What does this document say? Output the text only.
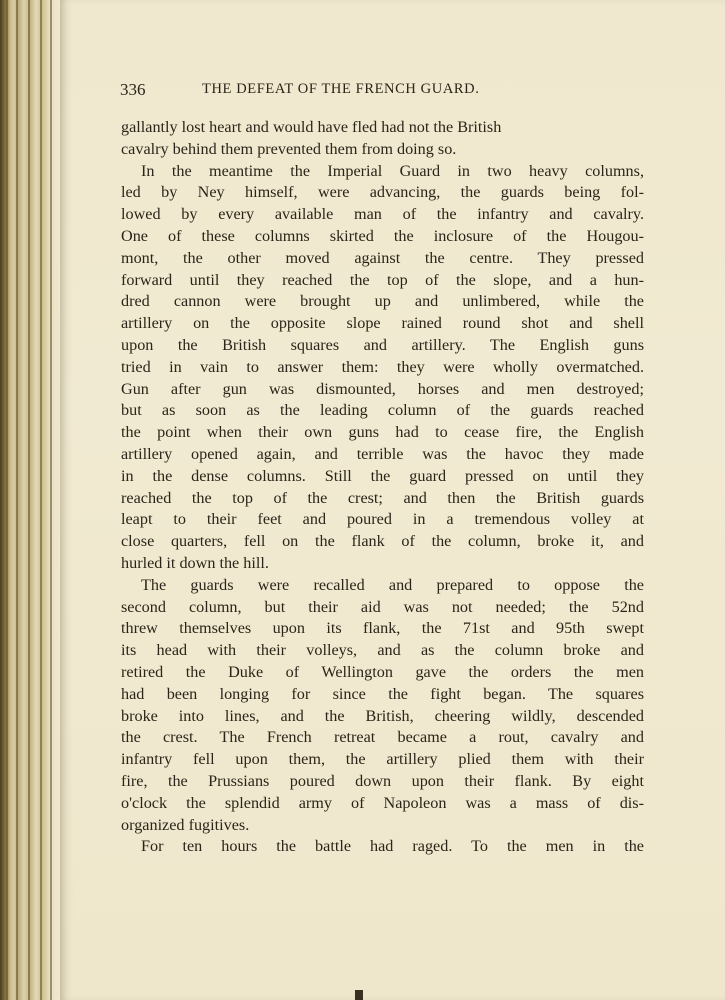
336	THE DEFEAT OF THE FRENCH GUARD.
gallantly lost heart and would have fled had not the British
cavalry behind them prevented them from doing so.
In the meantime the Imperial Guard in two heavy columns,
led by Ney himself, were advancing, the guards being fol-
lowed by every available man of the infantry and cavalry.
One of these columns skirted the inclosure of the Hougou-
mont, the other moved against the centre. They pressed
forward until they reached the top of the slope, and a hun-
dred cannon were brought up and unlimbered, while the
artillery on the opposite slope rained round shot and shell
upon the British squares and artillery. The English guns
tried in vain to answer them: they were wholly overmatched.
Gun after gun was dismounted, horses and men destroyed;
but as soon as the leading column of the guards reached
the point when their own guns had to cease fire, the English
artillery opened again, and terrible was the havoc they made
in the dense columns. Still the guard pressed on until they
reached the top of the crest; and then the British guards
leapt to their feet and poured in a tremendous volley at
close quarters, fell on the flank of the column, broke it, and
hurled it down the hill.
The guards were recalled and prepared to oppose the
second column, but their aid was not needed; the 52nd
threw themselves upon its flank, the 71st and 95th swept
its head with their volleys, and as the column broke and
retired the Duke of Wellington gave the orders the men
had been longing for since the fight began. The squares
broke into lines, and the British, cheering wildly, descended
the crest. The French retreat became a rout, cavalry and
infantry fell upon them, the artillery plied them with their
fire, the Prussians poured down upon their flank. By eight
o'clock the splendid army of Napoleon was a mass of dis-
organized fugitives.
For ten hours the battle had raged. To the men in the
